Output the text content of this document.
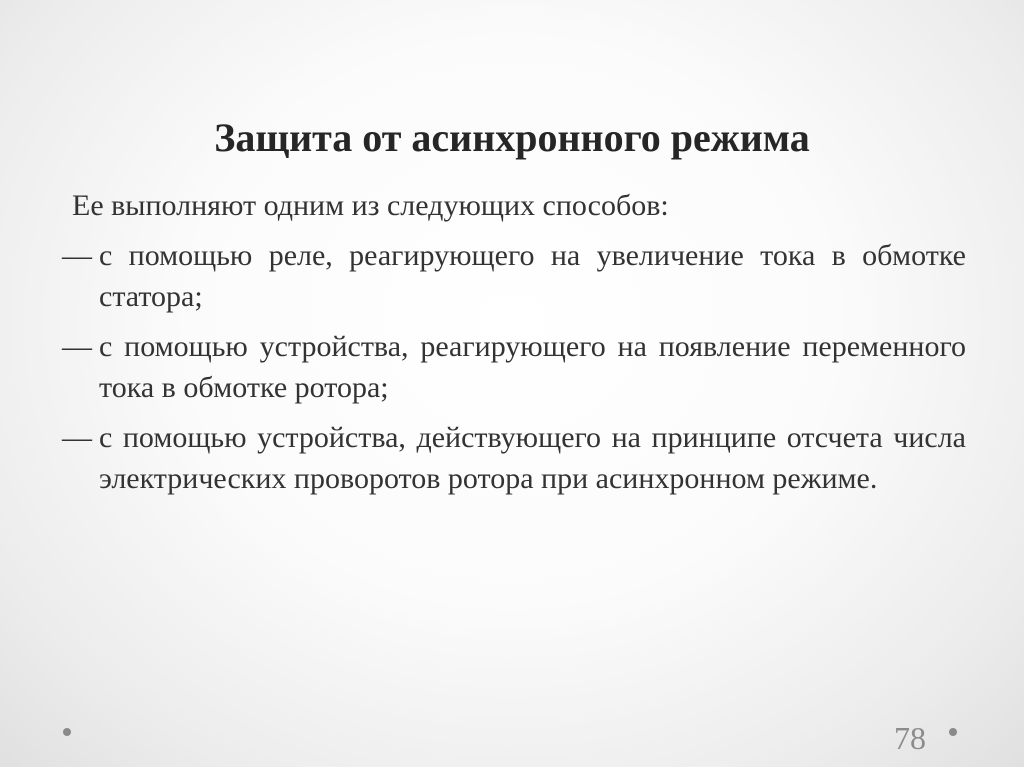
Защита от асинхронного режима

Ее выполняют одним из следующих способов:

— с помощью реле, реагирующего на увеличение тока в обмотке статора;
— с помощью устройства, реагирующего на появление переменного тока в обмотке ротора;
— с помощью устройства, действующего на принципе отсчета числа электрических проворотов ротора при асинхронном режиме.
78
